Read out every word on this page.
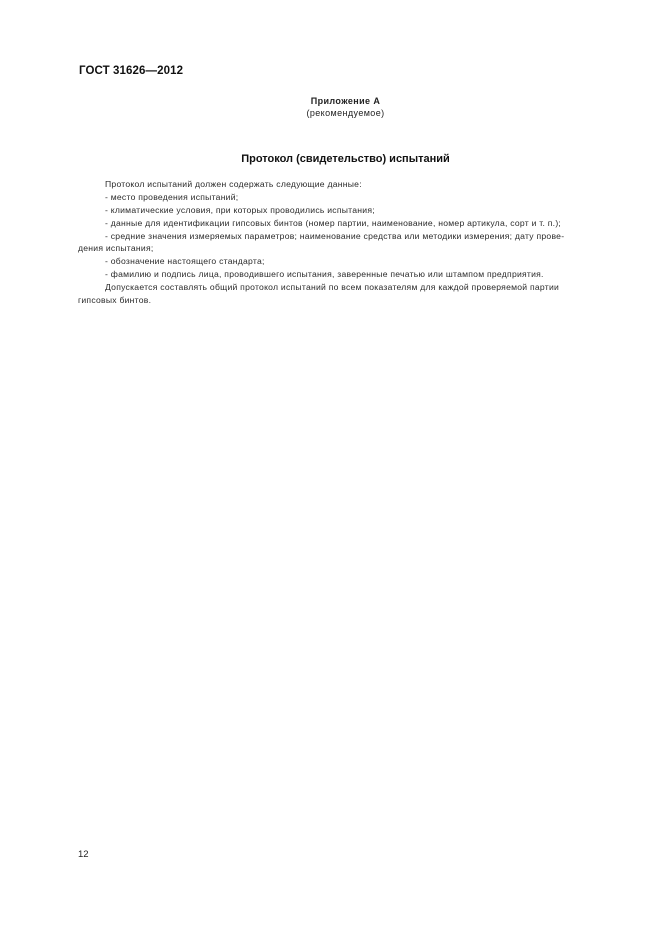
ГОСТ 31626—2012
Приложение А
(рекомендуемое)
Протокол (свидетельство) испытаний
Протокол испытаний должен содержать следующие данные:
- место проведения испытаний;
- климатические условия, при которых проводились испытания;
- данные для идентификации гипсовых бинтов (номер партии, наименование, номер артикула, сорт и т. п.);
- средние значения измеряемых параметров; наименование средства или методики измерения; дату прове-
дения испытания;
- обозначение настоящего стандарта;
- фамилию и подпись лица, проводившего испытания, заверенные печатью или штампом предприятия.
Допускается составлять общий протокол испытаний по всем показателям для каждой проверяемой партии
гипсовых бинтов.
12
